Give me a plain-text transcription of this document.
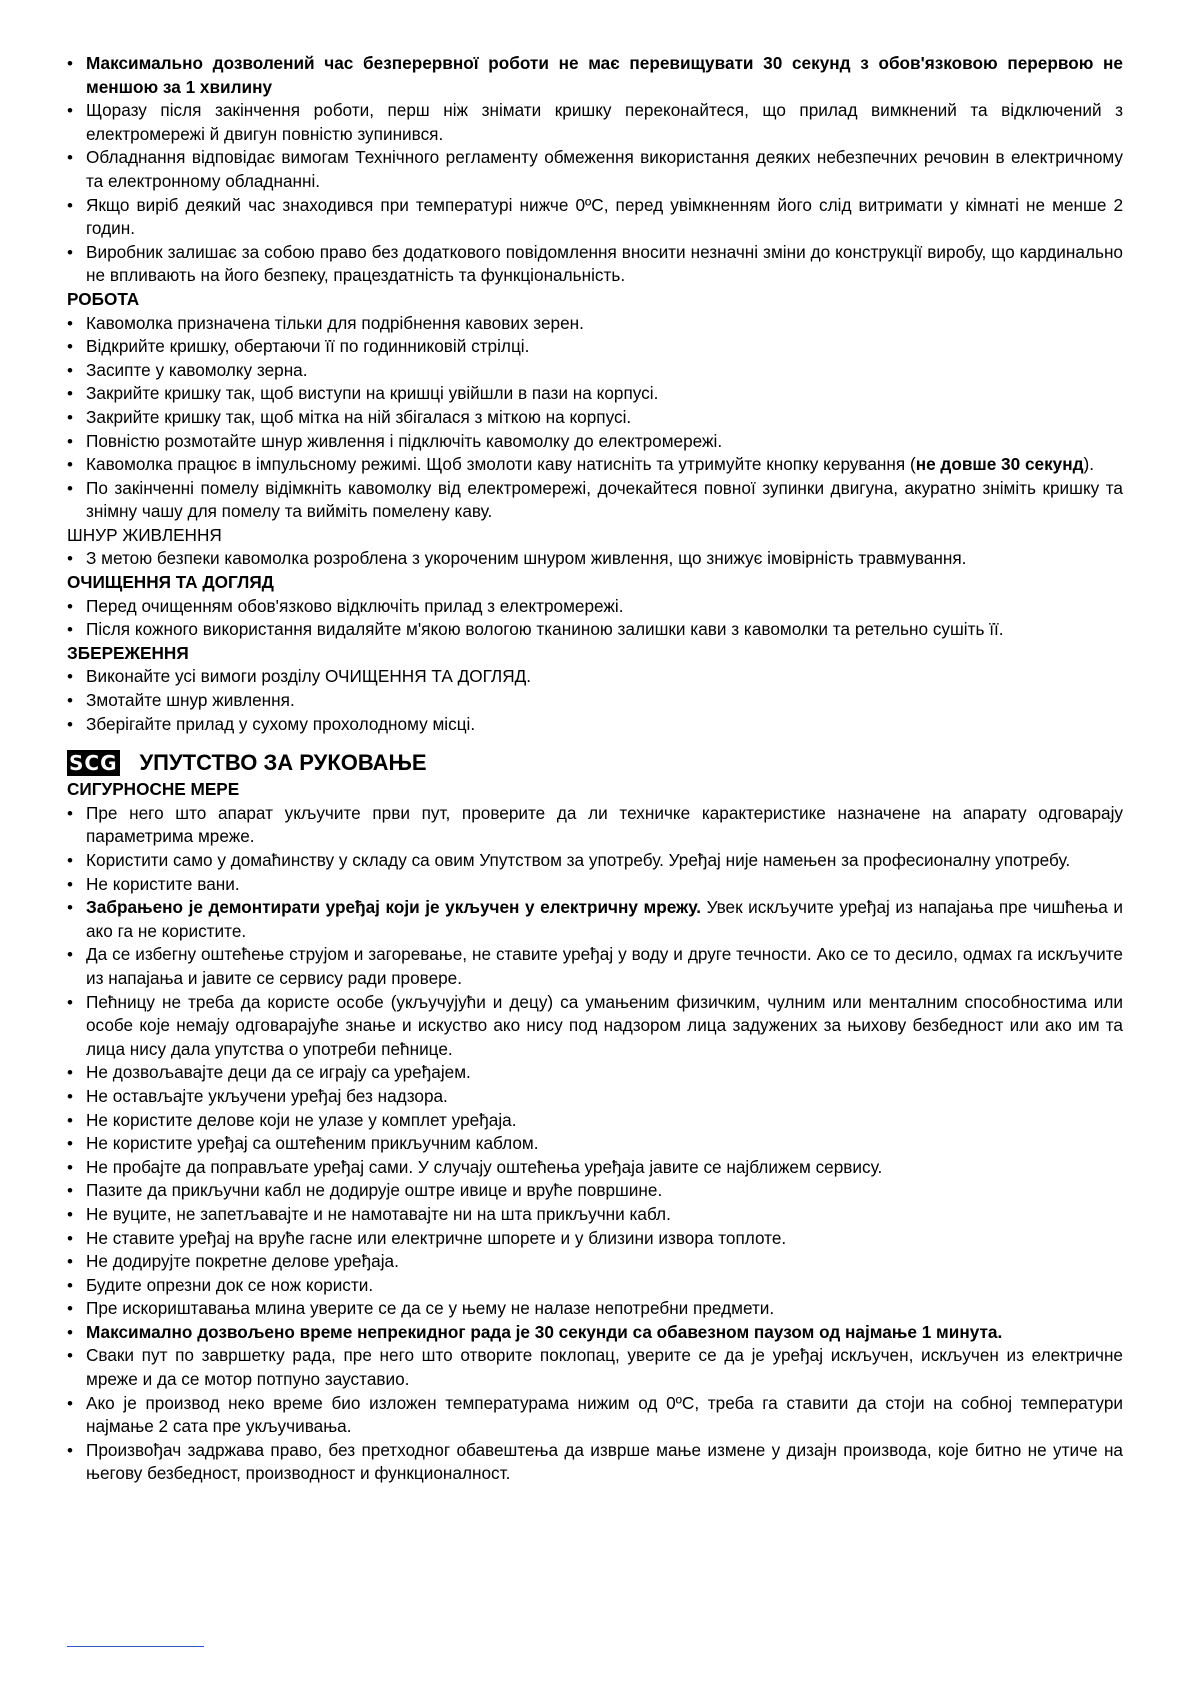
• Максимально дозволений час безперервної роботи не має перевищувати 30 секунд з обов'язковою перервою не меншою за 1 хвилину
• Щоразу після закінчення роботи, перш ніж знімати кришку переконайтеся, що прилад вимкнений та відключений з електромережі й двигун повністю зупинився.
• Обладнання відповідає вимогам Технічного регламенту обмеження використання деяких небезпечних речовин в електричному та електронному обладнанні.
• Якщо виріб деякий час знаходився при температурі нижче 0ºС, перед увімкненням його слід витримати у кімнаті не менше 2 годин.
• Виробник залишає за собою право без додаткового повідомлення вносити незначні зміни до конструкції виробу, що кардинально не впливають на його безпеку, працездатність та функціональність.
РОБОТА
• Кавомолка призначена тільки для подрібнення кавових зерен.
• Відкрийте кришку, обертаючи її по годинниковій стрілці.
• Засипте у кавомолку зерна.
• Закрийте кришку так, щоб виступи на кришці увійшли в пази на корпусі.
• Закрийте кришку так, щоб мітка на ній збігалася з міткою на корпусі.
• Повністю розмотайте шнур живлення і підключіть кавомолку до електромережі.
• Кавомолка працює в імпульсному режимі. Щоб змолоти каву натисніть та утримуйте кнопку керування (не довше 30 секунд).
• По закінченні помелу відімкніть кавомолку від електромережі, дочекайтеся повної зупинки двигуна, акуратно зніміть кришку та знімну чашу для помелу та вийміть помелену каву.
ШНУР ЖИВЛЕННЯ
• З метою безпеки кавомолка розроблена з укороченим шнуром живлення, що знижує імовірність травмування.
ОЧИЩЕННЯ ТА ДОГЛЯД
• Перед очищенням обов'язково відключіть прилад з електромережі.
• Після кожного використання видаляйте м'якою вологою тканиною залишки кави з кавомолки та ретельно сушіть її.
ЗБЕРЕЖЕННЯ
• Виконайте усі вимоги розділу ОЧИЩЕННЯ ТА ДОГЛЯД.
• Змотайте шнур живлення.
• Зберігайте прилад у сухому прохолодному місці.
SCG УПУТСТВО ЗА РУКОВАЊЕ
СИГУРНОСНЕ МЕРЕ
• Пре него што апарат укључите први пут, проверите да ли техничке карактеристике назначене на апарату одговарају параметрима мреже.
• Користити само у домаћинству у складу са овим Упутством за употребу. Уређај није намењен за професионалну употребу.
• Не користите вани.
• Забрањено је демонтирати уређај који је укључен у електричну мрежу. Увек искључите уређај из напајања пре чишћења и ако га не користите.
• Да се избегну оштећење струјом и загоревање, не ставите уређај у воду и друге течности. Ако се то десило, одмах га искључите из напајања и јавите се сервису ради провере.
• Пећницу не треба да користе особе (укључујући и децу) са умањеним физичким, чулним или менталним способностима или особе које немају одговарајуће знање и искуство ако нису под надзором лица задужених за њихову безбедност или ако им та лица нису дала упутства о употреби пећнице.
• Не дозвољавајте деци да се играју са уређајем.
• Не остављајте укључени уређај без надзора.
• Не користите делове који не улазе у комплет уређаја.
• Не користите уређај са оштећеним прикључним каблом.
• Не пробајте да поправљате уређај сами. У случају оштећења уређаја јавите се најближем сервису.
• Пазите да прикључни кабл не додирује оштре ивице и вруће површине.
• Не вуците, не запетљавајте и не намотавајте ни на шта прикључни кабл.
• Не ставите уређај на вруће гасне или електричне шпорете и у близини извора топлоте.
• Не додирујте покретне делове уређаја.
• Будите опрезни док се нож користи.
• Пре искориштавања млина уверите се да се у њему не налазе непотребни предмети.
• Максимално дозвољено време непрекидног рада је 30 секунди са обавезном паузом од најмање 1 минута.
• Сваки пут по завршетку рада, пре него што отворите поклопац, уверите се да је уређај искључен, искључен из електричне мреже и да се мотор потпуно зауставио.
• Ако је производ неко време био изложен температурама нижим од 0ºС, треба га ставити да стоји на собној температури најмање 2 сата пре укључивања.
• Произвођач задржава право, без претходног обавештења да изврше мање измене у дизајн производа, које битно не утиче на његову безбедност, производност и функционалност.
